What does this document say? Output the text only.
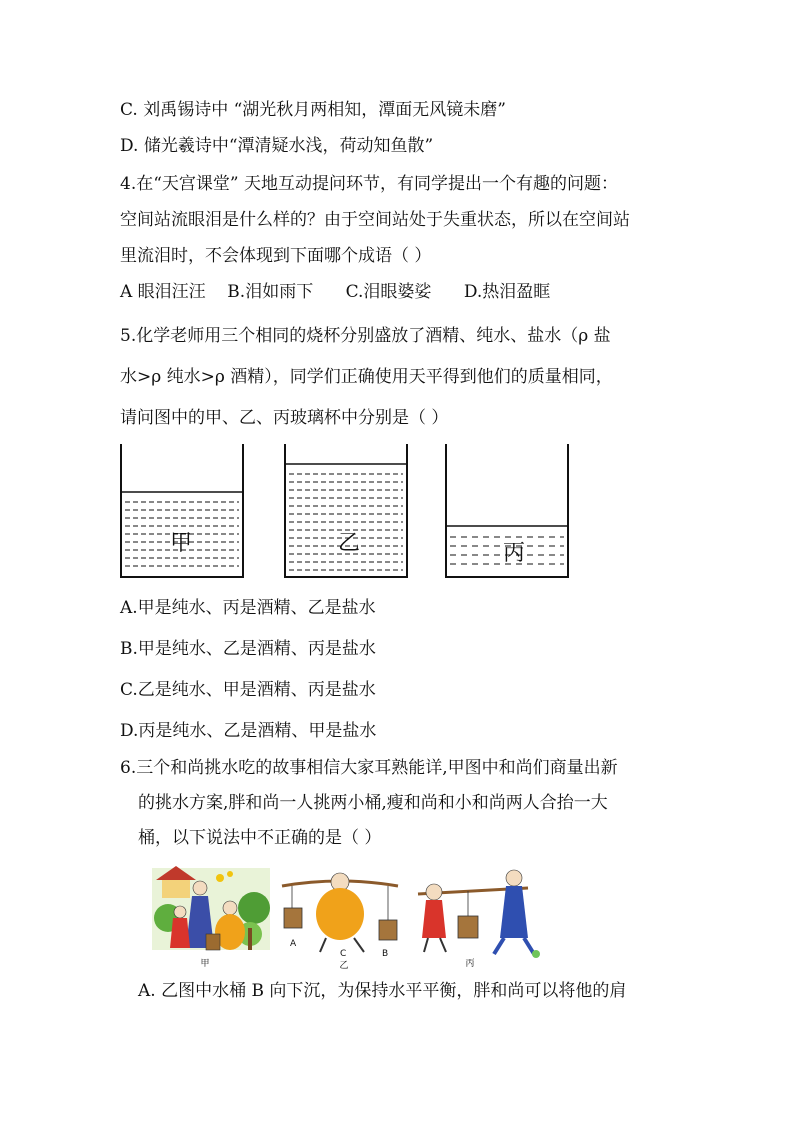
C. 刘禹锡诗中 “湖光秋月两相知，潭面无风镜未磨”
D. 储光羲诗中“潭清疑水浅，荷动知鱼散”
4.在“天宫课堂” 天地互动提问环节，有同学提出一个有趣的问题：
空间站流眼泪是什么样的？由于空间站处于失重状态，所以在空间站
里流泪时，不会体现到下面哪个成语（ ）
A 眼泪汪汪    B.泪如雨下      C.泪眼婆娑      D.热泪盈眶
5.化学老师用三个相同的烧杯分别盛放了酒精、纯水、盐水（ρ 盐
水>ρ 纯水>ρ 酒精），同学们正确使用天平得到他们的质量相同，
请问图中的甲、乙、丙玻璃杯中分别是（ ）
甲	乙	丙
A.甲是纯水、丙是酒精、乙是盐水
B.甲是纯水、乙是酒精、丙是盐水
C.乙是纯水、甲是酒精、丙是盐水
D.丙是纯水、乙是酒精、甲是盐水
6.三个和尚挑水吃的故事相信大家耳熟能详,甲图中和尚们商量出新
的挑水方案,胖和尚一人挑两小桶,瘦和尚和小和尚两人合抬一大
桶，以下说法中不正确的是（ ）
甲
A
C	B
乙	丙
A. 乙图中水桶 B 向下沉，为保持水平平衡，胖和尚可以将他的肩
